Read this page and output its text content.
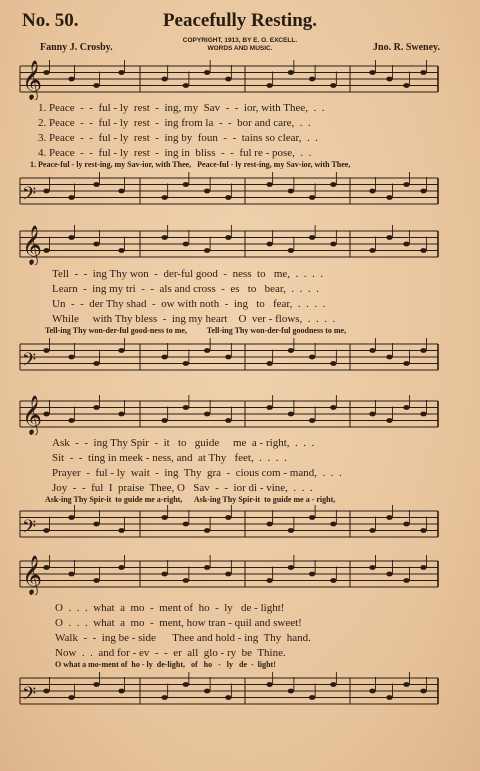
No. 50.	Peacefully Resting.
Fanny J. Crosby.
COPYRIGHT, 1913, BY E. O. EXCELL.
WORDS AND MUSIC.	Jno. R. Sweney.
𝄞
1. Peace  -  -  ful - ly  rest  -  ing, my  Sav  -  -  ior, with Thee,  .  .
2. Peace  -  -  ful - ly  rest  -  ing from la  -  -  bor and care,  .  .
3. Peace  -  -  ful - ly  rest  -  ing by  foun  -  -  tains so clear,  .  .
4. Peace  -  -  ful - ly  rest  -  ing in  bliss  -  -  ful re - pose,  .  .
1. Peace-ful - ly rest-ing, my Sav-ior, with Thee,   Peace-ful - ly rest-ing, my Sav-ior, with Thee,
𝄢
𝄞
Tell  -  -  ing Thy won  -  der-ful good  -  ness  to   me,  .  .  .  .
Learn  -  ing my tri  -  -  als and cross  -  es   to   bear,  .  .  .  .
Un  -  -  der Thy shad  -  ow with noth  -  ing   to   fear,  .  .  .  .
While     with Thy bless  -  ing my heart    O  ver - flows,  .  .  .  .
Tell-ing Thy won-der-ful good-ness to me,          Tell-ing Thy won-der-ful goodness to me,
𝄢
𝄞
Ask  -  -  ing Thy Spir  -  it   to   guide     me  a - right,  .  .  .
Sit  -  -  ting in meek - ness, and  at Thy   feet,  .  .  .  .
Prayer  -  ful - ly  wait  -  ing  Thy  gra  -  cious com - mand,  .  .  .
Joy  -  -  ful  I  praise  Thee, O   Sav  -  -  ior di - vine,  .  .  .
Ask-ing Thy Spir-it  to guide me a-right,      Ask-ing Thy Spir-it  to guide me a - right,
𝄢
𝄞
O  .  .  .  what  a  mo  -  ment of  ho  -  ly   de - light!
O  .  .  .  what  a  mo  -  ment, how tran - quil and sweet!
Walk  -  -  ing be - side      Thee and hold - ing  Thy  hand.
Now  .  .  and for - ev  -  -  er  all  glo - ry  be  Thine.
O what a mo-ment of  ho - ly  de-light,   of   ho   -   ly   de  -  light!
𝄢
